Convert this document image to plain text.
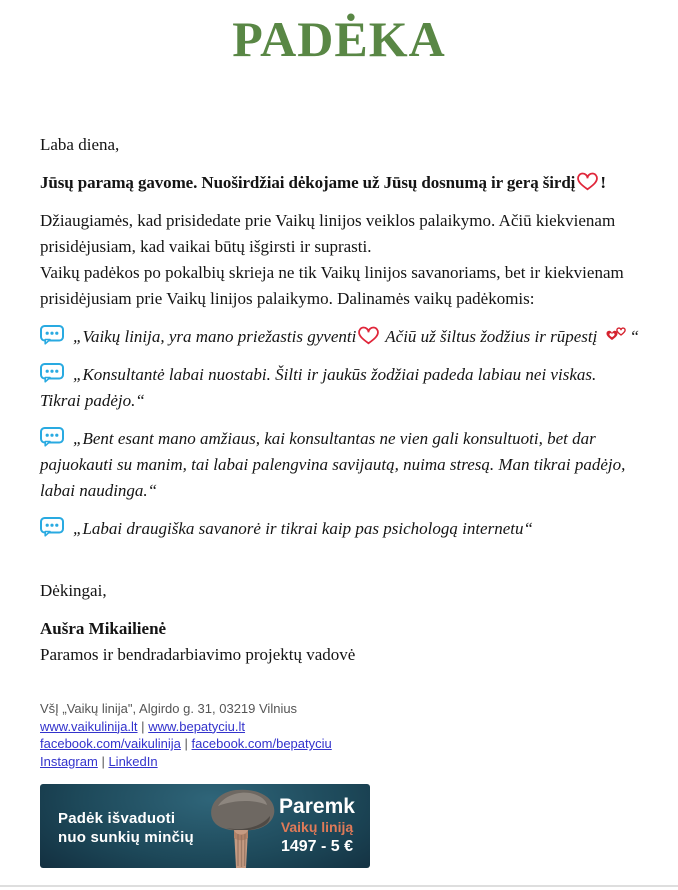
PADĖKA

Laba diena,

Jūsų paramą gavome. Nuoširdžiai dėkojame už Jūsų dosnumą ir gerą širdį !

Džiaugiamės, kad prisidedate prie Vaikų linijos veiklos palaikymo. Ačiū kiekvienam prisidėjusiam, kad vaikai būtų išgirsti ir suprasti.
Vaikų padėkos po pokalbių skrieja ne tik Vaikų linijos savanoriams, bet ir kiekvienam prisidėjusiam prie Vaikų linijos palaikymo. Dalinamės vaikų padėkomis:

„Vaikų linija, yra mano priežastis gyventi Ačiū už šiltus žodžius ir rūpestį “

„Konsultantė labai nuostabi. Šilti ir jaukūs žodžiai padeda labiau nei viskas. Tikrai padėjo.“

„Bent esant mano amžiaus, kai konsultantas ne vien gali konsultuoti, bet dar pajuokauti su manim, tai labai palengvina savijautą, nuima stresą. Man tikrai padėjo, labai naudinga.“

„Labai draugiška savanorė ir tikrai kaip pas psichologą internetu“

Dėkingai,

Aušra Mikailienė
Paramos ir bendradarbiavimo projektų vadovė

VšĮ „Vaikų linija", Algirdo g. 31, 03219 Vilnius
www.vaikulinija.lt | www.bepatyciu.lt
facebook.com/vaikulinija | facebook.com/bepatyciu
Instagram | LinkedIn
Padėk išvaduoti
nuo sunkių minčių
Paremk
Vaikų liniją
1497 - 5 €
